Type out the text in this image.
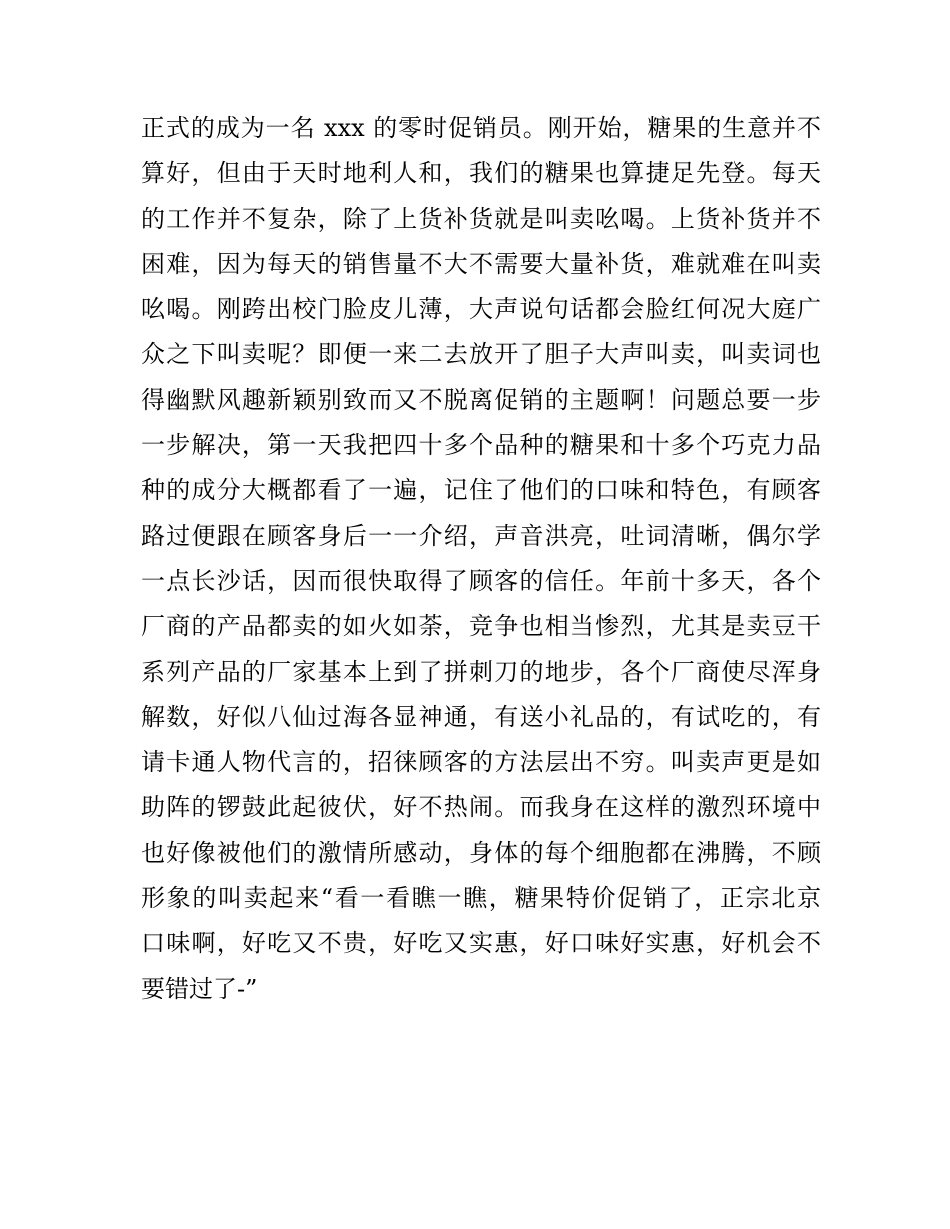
正式的成为一名 xxx 的零时促销员。刚开始，糖果的生意并不
算好，但由于天时地利人和，我们的糖果也算捷足先登。每天
的工作并不复杂，除了上货补货就是叫卖吆喝。上货补货并不
困难，因为每天的销售量不大不需要大量补货，难就难在叫卖
吆喝。刚跨出校门脸皮儿薄，大声说句话都会脸红何况大庭广
众之下叫卖呢？即便一来二去放开了胆子大声叫卖，叫卖词也
得幽默风趣新颖别致而又不脱离促销的主题啊！问题总要一步
一步解决，第一天我把四十多个品种的糖果和十多个巧克力品
种的成分大概都看了一遍，记住了他们的口味和特色，有顾客
路过便跟在顾客身后一一介绍，声音洪亮，吐词清晰，偶尔学
一点长沙话，因而很快取得了顾客的信任。年前十多天，各个
厂商的产品都卖的如火如荼，竞争也相当惨烈，尤其是卖豆干
系列产品的厂家基本上到了拼刺刀的地步，各个厂商使尽浑身
解数，好似八仙过海各显神通，有送小礼品的，有试吃的，有
请卡通人物代言的，招徕顾客的方法层出不穷。叫卖声更是如
助阵的锣鼓此起彼伏，好不热闹。而我身在这样的激烈环境中
也好像被他们的激情所感动，身体的每个细胞都在沸腾，不顾
形象的叫卖起来“看一看瞧一瞧，糖果特价促销了，正宗北京
口味啊，好吃又不贵，好吃又实惠，好口味好实惠，好机会不
要错过了-”
